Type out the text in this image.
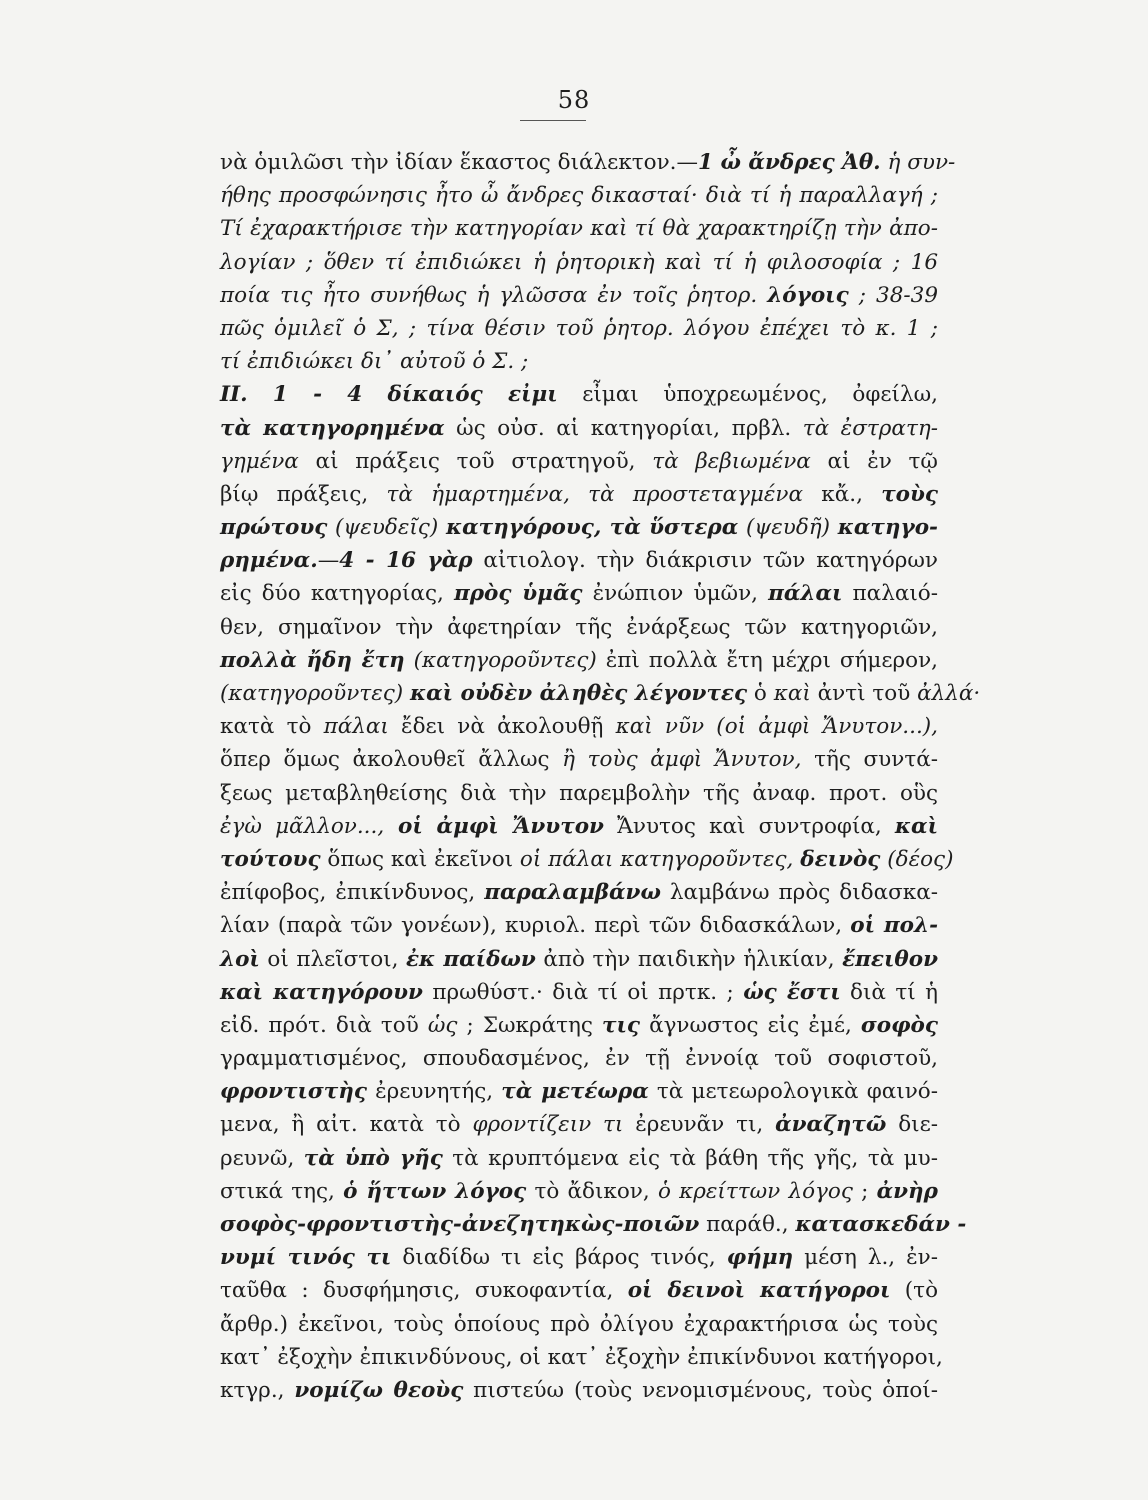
58
νὰ ὁμιλῶσι τὴν ἰδίαν ἕκαστος διάλεκτον.—1 ὦ ἄνδρες Ἀθ. ἡ συν-
ήθης προσφώνησις ἦτο ὦ ἄνδρες δικασταί· διὰ τί ἡ παραλλαγή ;
Τί ἐχαρακτήρισε τὴν κατηγορίαν καὶ τί θὰ χαρακτηρίζῃ τὴν ἀπο-
λογίαν ; ὅθεν τί ἐπιδιώκει ἡ ῥητορικὴ καὶ τί ἡ φιλοσοφία ; 16
ποία τις ἦτο συνήθως ἡ γλῶσσα ἐν τοῖς ῥητορ. λόγοις ; 38-39
πῶς ὁμιλεῖ ὁ Σ, ; τίνα θέσιν τοῦ ῥητορ. λόγου ἐπέχει τὸ κ. 1 ;
τί ἐπιδιώκει δι᾽ αὐτοῦ ὁ Σ. ;
ΙΙ. 1 - 4 δίκαιός εἰμι εἶμαι ὑποχρεωμένος, ὀφείλω,
τὰ κατηγορημένα ὡς οὐσ. αἱ κατηγορίαι, πρβλ. τὰ ἐστρατη-
γημένα αἱ πράξεις τοῦ στρατηγοῦ, τὰ βεβιωμένα αἱ ἐν τῷ
βίῳ πράξεις, τὰ ἡμαρτημένα, τὰ προστεταγμένα κἄ., τοὺς
πρώτους (ψευδεῖς) κατηγόρους, τὰ ὕστερα (ψευδῆ) κατηγο-
ρημένα.—4 - 16 γὰρ αἰτιολογ. τὴν διάκρισιν τῶν κατηγόρων
εἰς δύο κατηγορίας, πρὸς ὑμᾶς ἐνώπιον ὑμῶν, πάλαι παλαιό-
θεν, σημαῖνον τὴν ἀφετηρίαν τῆς ἐνάρξεως τῶν κατηγοριῶν,
πολλὰ ἤδη ἔτη (κατηγοροῦντες) ἐπὶ πολλὰ ἔτη μέχρι σήμερον,
(κατηγοροῦντες) καὶ οὐδὲν ἀληθὲς λέγοντες ὁ καὶ ἀντὶ τοῦ ἀλλά·
κατὰ τὸ πάλαι ἔδει νὰ ἀκολουθῇ καὶ νῦν (οἱ ἀμφὶ Ἄνυτον...),
ὅπερ ὅμως ἀκολουθεῖ ἄλλως ἢ τοὺς ἀμφὶ Ἄνυτον, τῆς συντά-
ξεως μεταβληθείσης διὰ τὴν παρεμβολὴν τῆς ἀναφ. προτ. οὓς
ἐγὼ μᾶλλον..., οἱ ἀμφὶ Ἄνυτον Ἄνυτος καὶ συντροφία, καὶ
τούτους ὅπως καὶ ἐκεῖνοι οἱ πάλαι κατηγοροῦντες, δεινὸς (δέος)
ἐπίφοβος, ἐπικίνδυνος, παραλαμβάνω λαμβάνω πρὸς διδασκα-
λίαν (παρὰ τῶν γονέων), κυριολ. περὶ τῶν διδασκάλων, οἱ πολ-
λοὶ οἱ πλεῖστοι, ἐκ παίδων ἀπὸ τὴν παιδικὴν ἡλικίαν, ἔπειθον
καὶ κατηγόρουν πρωθύστ.· διὰ τί οἱ πρτκ. ; ὡς ἔστι διὰ τί ἡ
εἰδ. πρότ. διὰ τοῦ ὡς ; Σωκράτης τις ἄγνωστος εἰς ἐμέ, σοφὸς
γραμματισμένος, σπουδασμένος, ἐν τῇ ἐννοίᾳ τοῦ σοφιστοῦ,
φροντιστὴς ἐρευνητής, τὰ μετέωρα τὰ μετεωρολογικὰ φαινό-
μενα, ἢ αἰτ. κατὰ τὸ φροντίζειν τι ἐρευνᾶν τι, ἀναζητῶ διε-
ρευνῶ, τὰ ὑπὸ γῆς τὰ κρυπτόμενα εἰς τὰ βάθη τῆς γῆς, τὰ μυ-
στικά της, ὁ ἥττων λόγος τὸ ἄδικον, ὁ κρείττων λόγος ; ἀνὴρ
σοφὸς-φροντιστὴς-ἀνεζητηκὼς-ποιῶν παράθ., κατασκεδάν -
νυμί τινός τι διαδίδω τι εἰς βάρος τινός, φήμη μέση λ., ἐν-
ταῦθα : δυσφήμησις, συκοφαντία, οἱ δεινοὶ κατήγοροι (τὸ
ἄρθρ.) ἐκεῖνοι, τοὺς ὁποίους πρὸ ὀλίγου ἐχαρακτήρισα ὡς τοὺς
κατ᾽ ἐξοχὴν ἐπικινδύνους, οἱ κατ᾽ ἐξοχὴν ἐπικίνδυνοι κατήγοροι,
κτγρ., νομίζω θεοὺς πιστεύω (τοὺς νενομισμένους, τοὺς ὁποί-
